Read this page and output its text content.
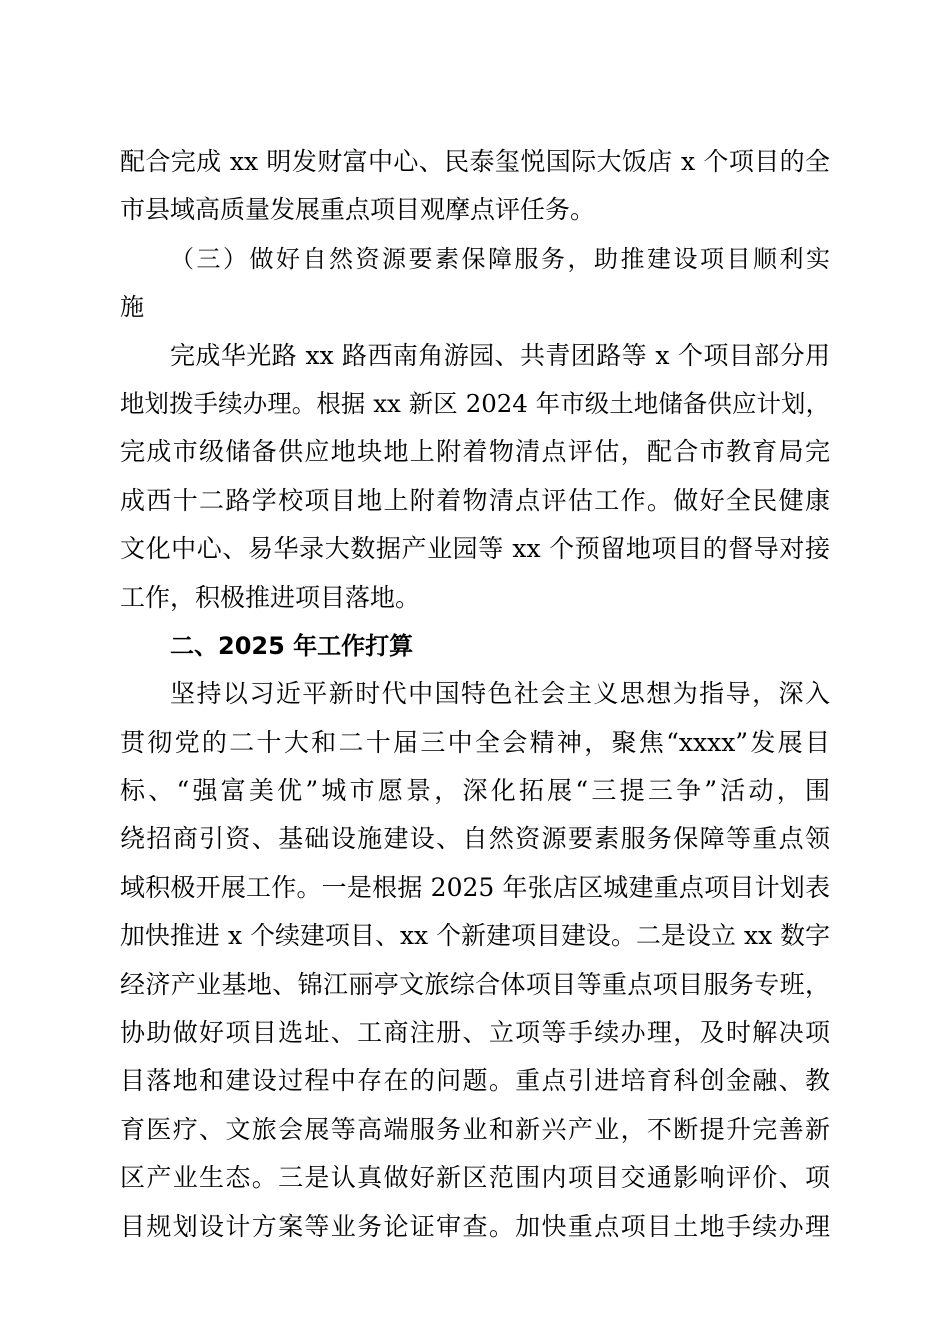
配合完成 xx 明发财富中心、民泰玺悦国际大饭店 x 个项目的全
市县域高质量发展重点项目观摩点评任务。
（三）做好自然资源要素保障服务，助推建设项目顺利实
施
完成华光路 xx 路西南角游园、共青团路等 x 个项目部分用
地划拨手续办理。根据 xx 新区 2024 年市级土地储备供应计划，
完成市级储备供应地块地上附着物清点评估，配合市教育局完
成西十二路学校项目地上附着物清点评估工作。做好全民健康
文化中心、易华录大数据产业园等 xx 个预留地项目的督导对接
工作，积极推进项目落地。
二、2025 年工作打算
坚持以习近平新时代中国特色社会主义思想为指导，深入
贯彻党的二十大和二十届三中全会精神，聚焦“xxxx”发展目
标、“强富美优”城市愿景，深化拓展“三提三争”活动，围
绕招商引资、基础设施建设、自然资源要素服务保障等重点领
域积极开展工作。一是根据 2025 年张店区城建重点项目计划表
加快推进 x 个续建项目、xx 个新建项目建设。二是设立 xx 数字
经济产业基地、锦江丽亭文旅综合体项目等重点项目服务专班，
协助做好项目选址、工商注册、立项等手续办理，及时解决项
目落地和建设过程中存在的问题。重点引进培育科创金融、教
育医疗、文旅会展等高端服务业和新兴产业，不断提升完善新
区产业生态。三是认真做好新区范围内项目交通影响评价、项
目规划设计方案等业务论证审查。加快重点项目土地手续办理
